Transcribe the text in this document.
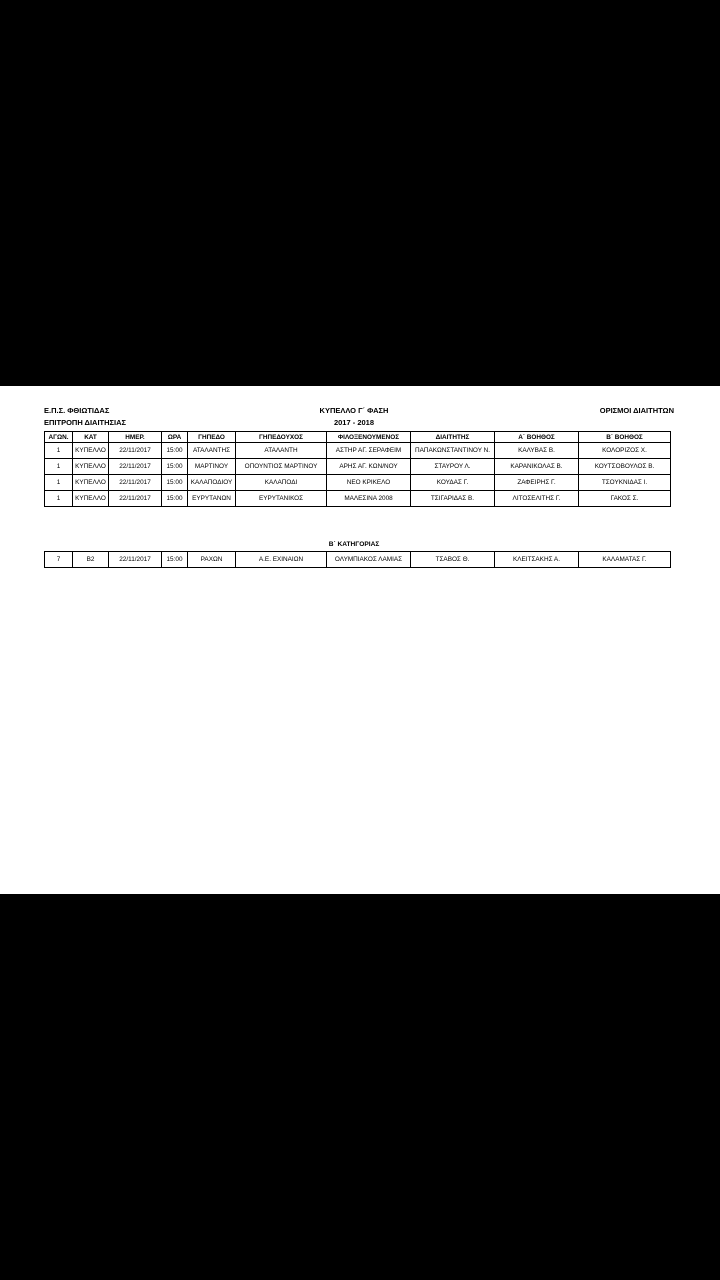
Ε.Π.Σ. ΦΘΙΩΤΙΔΑΣ
ΕΠΙΤΡΟΠΗ ΔΙΑΙΤΗΣΙΑΣ
ΚΥΠΕΛΛΟ Γ΄ ΦΑΣΗ
2017 - 2018
ΟΡΙΣΜΟΙ ΔΙΑΙΤΗΤΩΝ
ΑΓΩΝ.	ΚΑΤ	ΗΜΕΡ.	ΩΡΑ	ΓΗΠΕΔΟ	ΓΗΠΕΔΟΥΧΟΣ	ΦΙΛΟΞΕΝΟΥΜΕΝΟΣ	ΔΙΑΙΤΗΤΗΣ	Α΄ ΒΟΗΘΟΣ	Β΄ ΒΟΗΘΟΣ
1	ΚΥΠΕΛΛΟ	22/11/2017	15:00	ΑΤΑΛΑΝΤΗΣ	ΑΤΑΛΑΝΤΗ	ΑΣΤΗΡ ΑΓ. ΣΕΡΑΦΕΙΜ	ΠΑΠΑΚΩΝΣΤΑΝΤΙΝΟΥ Ν.	ΚΑΛΥΒΑΣ Β.	ΚΟΛΟΡΙΖΟΣ Χ.
1	ΚΥΠΕΛΛΟ	22/11/2017	15:00	ΜΑΡΤΙΝΟΥ	ΟΠΟΥΝΤΙΟΣ ΜΑΡΤΙΝΟΥ	ΑΡΗΣ ΑΓ. ΚΩΝ/ΝΟΥ	ΣΤΑΥΡΟΥ Λ.	ΚΑΡΑΝΙΚΟΛΑΣ Β.	ΚΟΥΤΣΟΒΟΥΛΟΣ Β.
1	ΚΥΠΕΛΛΟ	22/11/2017	15:00	ΚΑΛΑΠΟΔΙΟΥ	ΚΑΛΑΠΟΔΙ	ΝΕΟ ΚΡΙΚΕΛΟ	ΚΟΥΔΑΣ Γ.	ΖΑΦΕΙΡΗΣ Γ.	ΤΣΟΥΚΝΙΔΑΣ Ι.
1	ΚΥΠΕΛΛΟ	22/11/2017	15:00	ΕΥΡΥΤΑΝΩΝ	ΕΥΡΥΤΑΝΙΚΟΣ	ΜΑΛΕΣΙΝΑ 2008	ΤΣΙΓΑΡΙΔΑΣ Β.	ΛΙΤΟΣΕΛΙΤΗΣ Γ.	ΓΑΚΟΣ Σ.
Β΄ ΚΑΤΗΓΟΡΙΑΣ
7	Β2	22/11/2017	15:00	ΡΑΧΩΝ	Α.Ε. ΕΧΙΝΑΙΩΝ	ΟΛΥΜΠΙΑΚΟΣ ΛΑΜΙΑΣ	ΤΣΑΒΟΣ Θ.	ΚΛΕΙΤΣΑΚΗΣ Α.	ΚΑΛΑΜΑΤΑΣ Γ.
